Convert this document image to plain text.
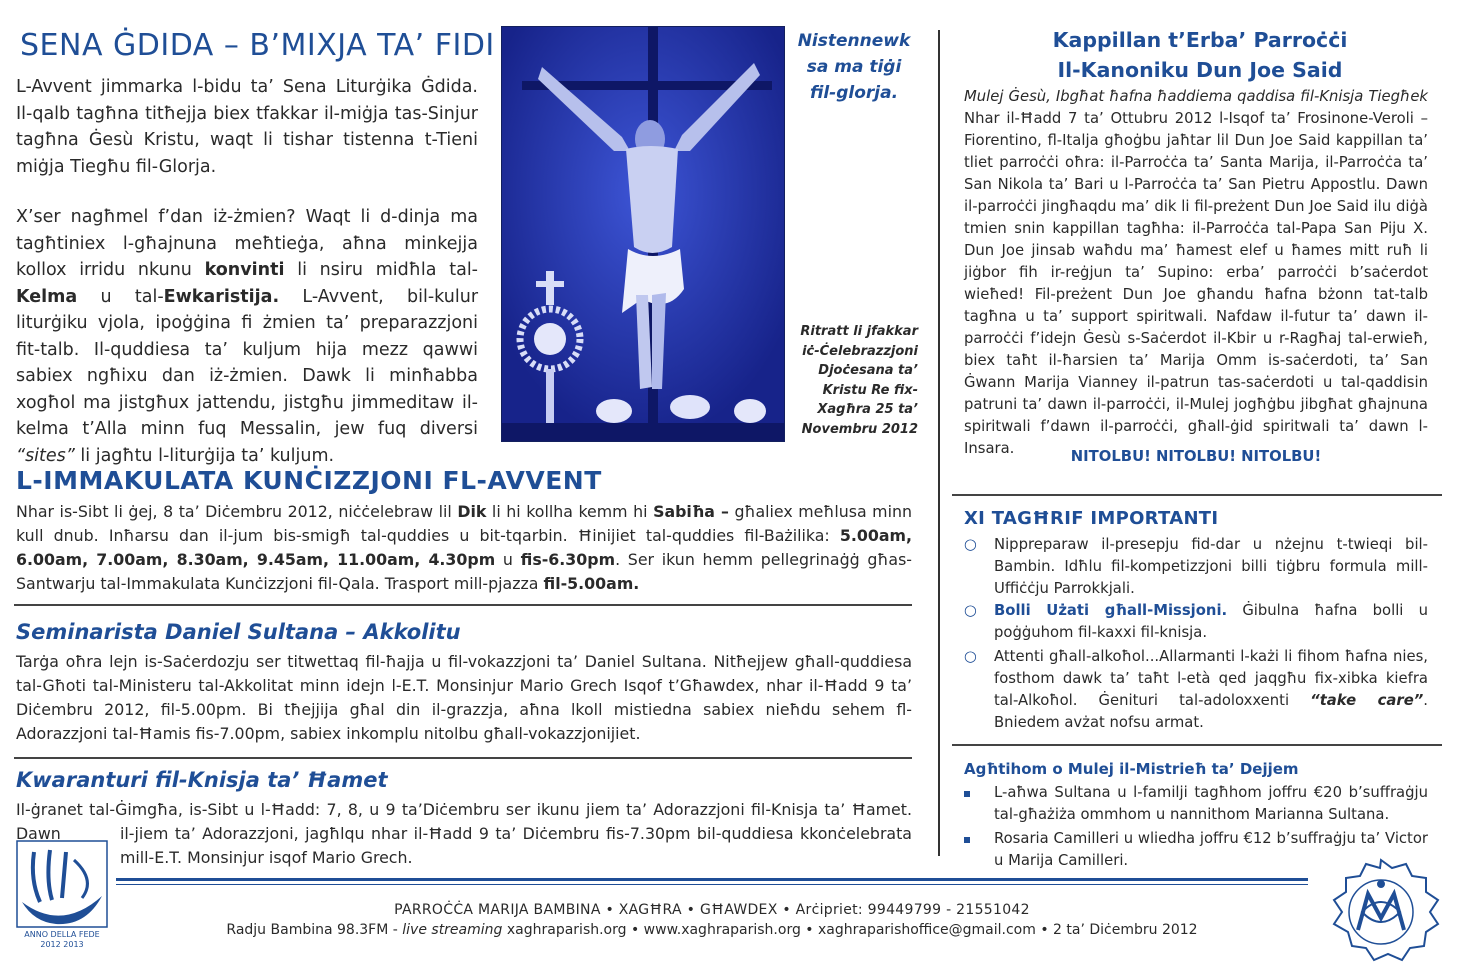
SENA ĠDIDA – B’MIXJA TA’ FIDI

L-Avvent jimmarka l-bidu ta’ Sena Liturġika Ġdida. Il-qalb tagħna titħejja biex tfakkar il-miġja tas-Sinjur tagħna Ġesù Kristu, waqt li tishar tistenna t-Tieni miġja Tiegħu fil-Glorja.

X’ser nagħmel f’dan iż-żmien? Waqt li d-dinja ma tagħtiniex l-għajnuna meħtieġa, aħna minkejja kollox irridu nkunu konvinti li nsiru midħla tal-Kelma u tal-Ewkaristija. L-Avvent, bil-kulur liturġiku vjola, ipoġġina fi żmien ta’ preparazzjoni fit-talb. Il-quddiesa ta’ kuljum hija mezz qawwi sabiex ngħixu dan iż-żmien. Dawk li minħabba xogħol ma jistgħux jattendu, jistgħu jimmeditaw il-kelma t’Alla minn fuq Messalin, jew fuq diversi “sites” li jagħtu l-liturġija ta’ kuljum.

Nistennewk sa ma tiġi fil-glorja.
Ritratt li jfakkar iċ-Ċelebrazzjoni Djoċesana ta’ Kristu Re fix-Xagħra 25 ta’ Novembru 2012
L-IMMAKULATA KUNĊIZZJONI FL-AVVENT

Nhar is-Sibt li ġej, 8 ta’ Diċembru 2012, niċċelebraw lil Dik li hi kollha kemm hi Sabiħa – għaliex meħlusa minn kull dnub. Inħarsu dan il-jum bis-smigħ tal-quddies u bit-tqarbin. Ħinijiet tal-quddies fil-Bażilika: 5.00am, 6.00am, 7.00am, 8.30am, 9.45am, 11.00am, 4.30pm u fis-6.30pm. Ser ikun hemm pellegrinaġġ għas-Santwarju tal-Immakulata Kunċizzjoni fil-Qala. Trasport mill-pjazza fil-5.00am.

Seminarista Daniel Sultana – Akkolitu

Tarġa oħra lejn is-Saċerdozju ser titwettaq fil-ħajja u fil-vokazzjoni ta’ Daniel Sultana. Nitħejjew għall-quddiesa tal-Għoti tal-Ministeru tal-Akkolitat minn idejn l-E.T. Monsinjur Mario Grech Isqof t’Għawdex, nhar il-Ħadd 9 ta’ Diċembru 2012, fil-5.00pm. Bi tħejjija għal din il-grazzja, aħna lkoll mistiedna sabiex nieħdu sehem fl-Adorazzjoni tal-Ħamis fis-7.00pm, sabiex inkomplu nitolbu għall-vokazzjonijiet.

Kwaranturi fil-Knisja ta’ Ħamet

Il-ġranet tal-Ġimgħa, is-Sibt u l-Ħadd: 7, 8, u 9 ta’Diċembru ser ikunu jiem ta’ Adorazzjoni fil-Knisja ta’ Ħamet. Dawn	il-jiem ta’ Adorazzjoni, jagħlqu nhar il-Ħadd 9 ta’ Diċembru fis-7.30pm bil-quddiesa kkonċelebrata mill-E.T. Monsinjur isqof Mario Grech.

Kappillan t’Erba’ Parroċċi
Il-Kanoniku Dun Joe Said

Mulej Ġesù, Ibgħat ħafna ħaddiema qaddisa fil-Knisja Tiegħek Nhar il-Ħadd 7 ta’ Ottubru 2012 l-Isqof ta’ Frosinone-Veroli – Fiorentino, fl-Italja għoġbu jaħtar lil Dun Joe Said kappillan ta’ tliet parroċċi oħra: il-Parroċċa ta’ Santa Marija, il-Parroċċa ta’ San Nikola ta’ Bari u l-Parroċċa ta’ San Pietru Appostlu. Dawn il-parroċċi jingħaqdu ma’ dik li fil-preżent Dun Joe Said ilu diġà tmien snin kappillan tagħha: il-Parroċċa tal-Papa San Piju X. Dun Joe jinsab waħdu ma’ ħamest elef u ħames mitt ruħ li jiġbor fih ir-reġjun ta’ Supino: erba’ parroċċi b’saċerdot wieħed! Fil-preżent Dun Joe għandu ħafna bżonn tat-talb tagħna u ta’ support spiritwali. Nafdaw il-futur ta’ dawn il-parroċċi f’idejn Ġesù s-Saċerdot il-Kbir u r-Ragħaj tal-erwieħ, biex taħt il-ħarsien ta’ Marija Omm is-saċerdoti, ta’ San Ġwann Marija Vianney il-patrun tas-saċerdoti u tal-qaddisin patruni ta’ dawn il-parroċċi, il-Mulej jogħġbu jibgħat għajnuna spiritwali f’dawn il-parroċċi, għall-ġid spiritwali ta’ dawn l-Insara.	NITOLBU! NITOLBU! NITOLBU!
XI TAGĦRIF IMPORTANTI
○	Nippreparaw il-presepju fid-dar u nżejnu t-twieqi bil-Bambin. Idħlu fil-kompetizzjoni billi tiġbru formula mill-Uffiċċju Parrokkjali.
○	Bolli Użati għall-Missjoni. Ġibulna ħafna bolli u poġġuhom fil-kaxxi fil-knisja.
○	Attenti għall-alkoħol...Allarmanti l-każi li fihom ħafna nies, fosthom dawk ta’ taħt l-età qed jaqgħu fix-xibka kiefra tal-Alkoħol. Ġenituri tal-adoloxxenti “take care”. Bniedem avżat nofsu armat.
Agħtihom o Mulej il-Mistrieħ ta’ Dejjem
L-aħwa Sultana u l-familji tagħhom joffru €20 b’suffraġju tal-għażiża ommhom u nannithom Marianna Sultana.
Rosaria Camilleri u wliedha joffru €12 b’suffraġju ta’ Victor u Marija Camilleri.
PARROĊĊA MARIJA BAMBINA • XAGĦRA • GĦAWDEX • Arċipriet: 99449799 - 21551042
Radju Bambina 98.3FM - live streaming xaghraparish.org • www.xaghraparish.org • xaghraparishoffice@gmail.com • 2 ta’ Diċembru 2012
ANNO DELLA FEDE 2012 2013
